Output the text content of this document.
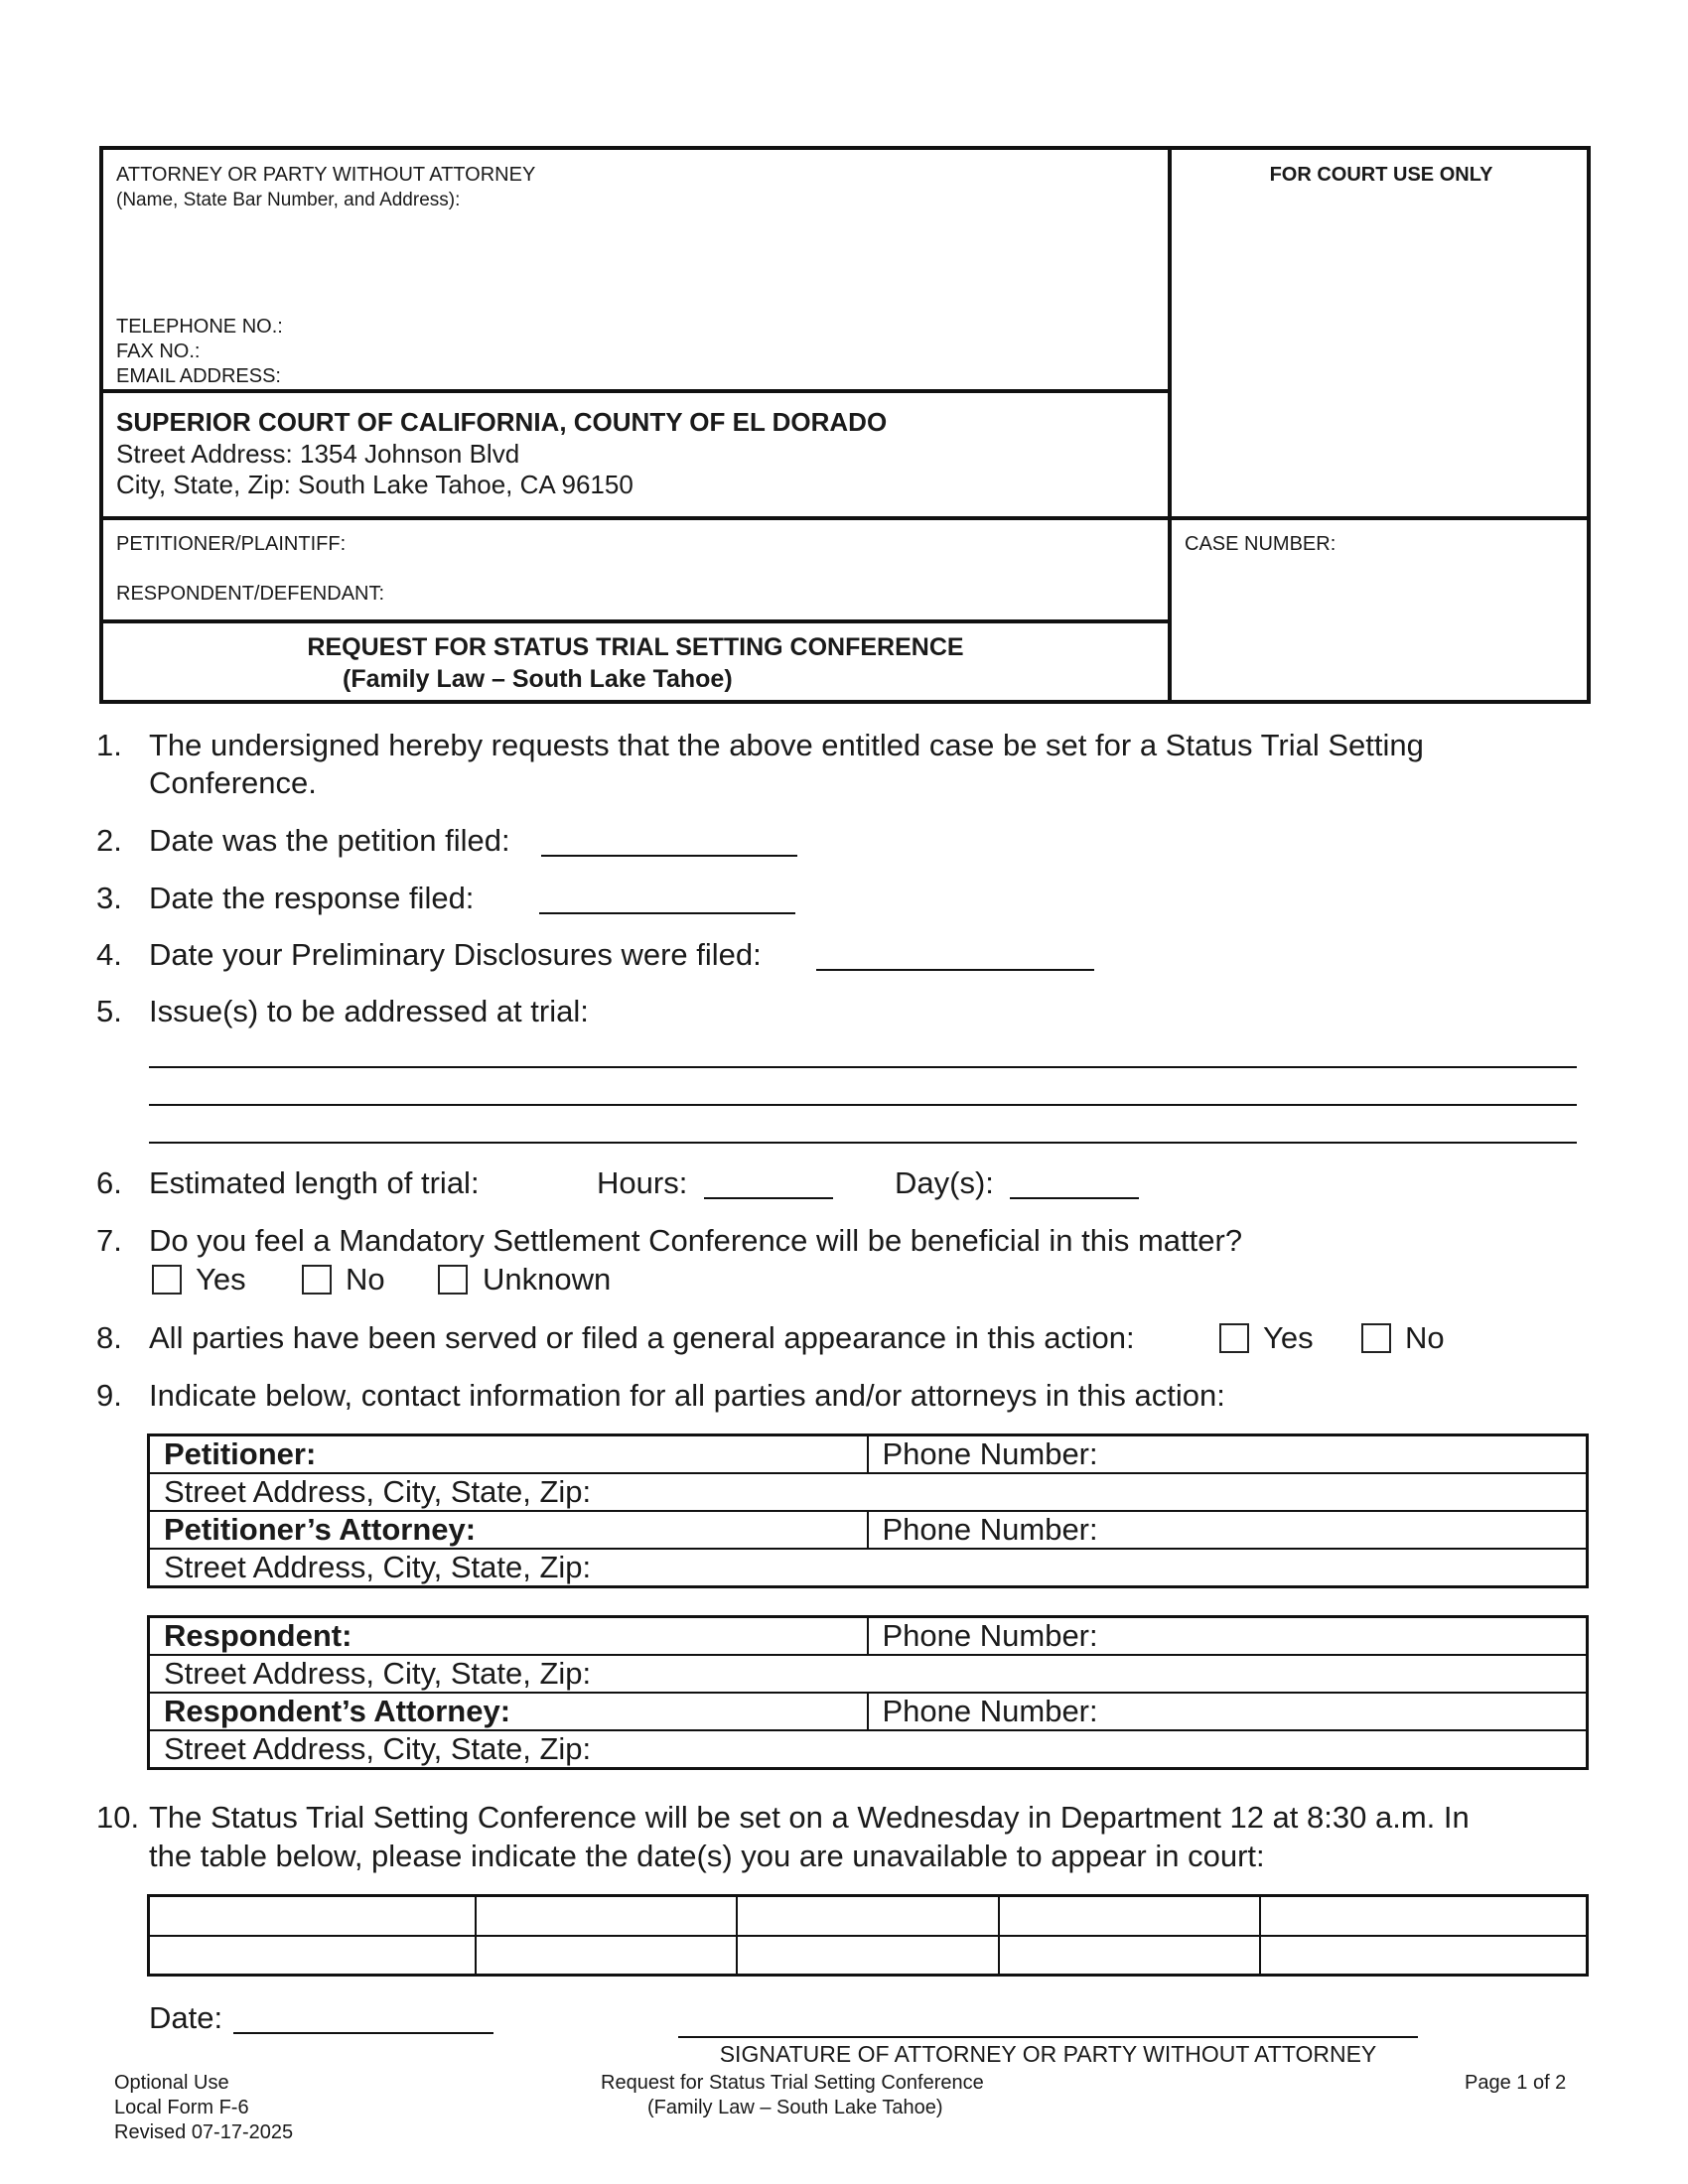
ATTORNEY OR PARTY WITHOUT ATTORNEY
(Name, State Bar Number, and Address):
TELEPHONE NO.:
FAX NO.:
EMAIL ADDRESS:
FOR COURT USE ONLY
SUPERIOR COURT OF CALIFORNIA, COUNTY OF EL DORADO
Street Address: 1354 Johnson Blvd
City, State, Zip: South Lake Tahoe, CA 96150
PETITIONER/PLAINTIFF:
RESPONDENT/DEFENDANT:
CASE NUMBER:
REQUEST FOR STATUS TRIAL SETTING CONFERENCE
(Family Law – South Lake Tahoe)
1. The undersigned hereby requests that the above entitled case be set for a Status Trial Setting
Conference.
2. Date was the petition filed:
3. Date the response filed:
4. Date your Preliminary Disclosures were filed:
5. Issue(s) to be addressed at trial:
6. Estimated length of trial:	Hours:	Day(s):
7. Do you feel a Mandatory Settlement Conference will be beneficial in this matter?
Yes	No	Unknown
8. All parties have been served or filed a general appearance in this action:	Yes	No
9. Indicate below, contact information for all parties and/or attorneys in this action:
Petitioner:	Phone Number:
Street Address, City, State, Zip:	
Petitioner’s Attorney:	Phone Number:
Street Address, City, State, Zip:	
Respondent:	Phone Number:
Street Address, City, State, Zip:	
Respondent’s Attorney:	Phone Number:
Street Address, City, State, Zip:	
10. The Status Trial Setting Conference will be set on a Wednesday in Department 12 at 8:30 a.m. In
the table below, please indicate the date(s) you are unavailable to appear in court:

Date:
SIGNATURE OF ATTORNEY OR PARTY WITHOUT ATTORNEY
Optional Use
Local Form F-6
Revised 07-17-2025
Request for Status Trial Setting Conference
(Family Law – South Lake Tahoe)
Page 1 of 2
